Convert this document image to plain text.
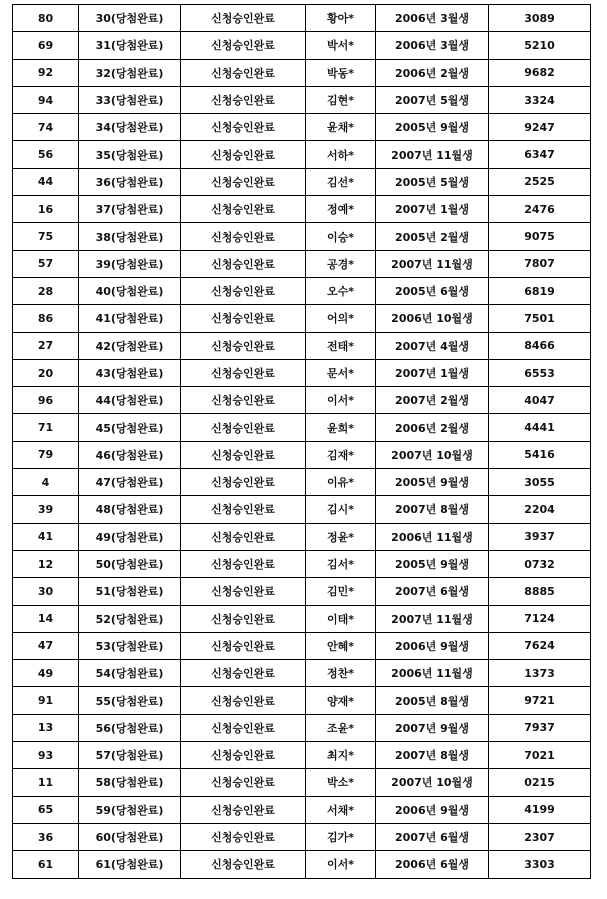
80	30(당첨완료)	신청승인완료	황아*	2006년 3월생	3089
69	31(당첨완료)	신청승인완료	박서*	2006년 3월생	5210
92	32(당첨완료)	신청승인완료	박동*	2006년 2월생	9682
94	33(당첨완료)	신청승인완료	김현*	2007년 5월생	3324
74	34(당첨완료)	신청승인완료	윤채*	2005년 9월생	9247
56	35(당첨완료)	신청승인완료	서하*	2007년 11월생	6347
44	36(당첨완료)	신청승인완료	김선*	2005년 5월생	2525
16	37(당첨완료)	신청승인완료	정예*	2007년 1월생	2476
75	38(당첨완료)	신청승인완료	이승*	2005년 2월생	9075
57	39(당첨완료)	신청승인완료	공경*	2007년 11월생	7807
28	40(당첨완료)	신청승인완료	오수*	2005년 6월생	6819
86	41(당첨완료)	신청승인완료	어의*	2006년 10월생	7501
27	42(당첨완료)	신청승인완료	전태*	2007년 4월생	8466
20	43(당첨완료)	신청승인완료	문서*	2007년 1월생	6553
96	44(당첨완료)	신청승인완료	이서*	2007년 2월생	4047
71	45(당첨완료)	신청승인완료	윤희*	2006년 2월생	4441
79	46(당첨완료)	신청승인완료	김재*	2007년 10월생	5416
4	47(당첨완료)	신청승인완료	이유*	2005년 9월생	3055
39	48(당첨완료)	신청승인완료	김시*	2007년 8월생	2204
41	49(당첨완료)	신청승인완료	정윤*	2006년 11월생	3937
12	50(당첨완료)	신청승인완료	김서*	2005년 9월생	0732
30	51(당첨완료)	신청승인완료	김민*	2007년 6월생	8885
14	52(당첨완료)	신청승인완료	이태*	2007년 11월생	7124
47	53(당첨완료)	신청승인완료	안혜*	2006년 9월생	7624
49	54(당첨완료)	신청승인완료	정찬*	2006년 11월생	1373
91	55(당첨완료)	신청승인완료	양재*	2005년 8월생	9721
13	56(당첨완료)	신청승인완료	조윤*	2007년 9월생	7937
93	57(당첨완료)	신청승인완료	최지*	2007년 8월생	7021
11	58(당첨완료)	신청승인완료	박소*	2007년 10월생	0215
65	59(당첨완료)	신청승인완료	서채*	2006년 9월생	4199
36	60(당첨완료)	신청승인완료	김가*	2007년 6월생	2307
61	61(당첨완료)	신청승인완료	이서*	2006년 6월생	3303
